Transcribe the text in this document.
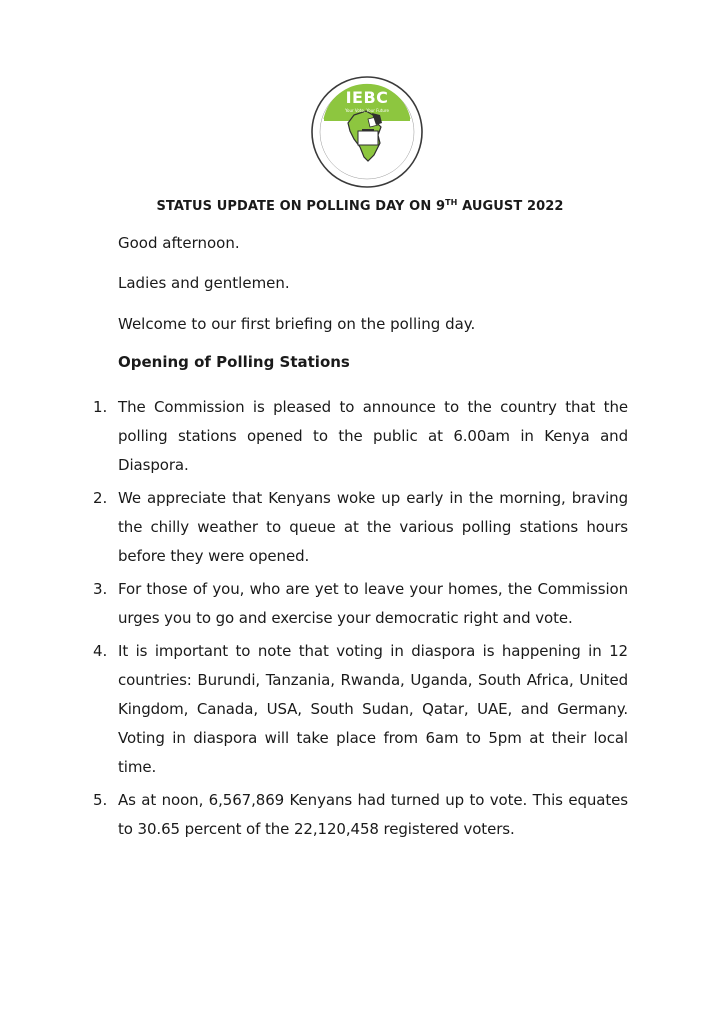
IEBC
Your Vote, Your Future
STATUS UPDATE ON POLLING DAY ON 9TH AUGUST 2022
Good afternoon.
Ladies and gentlemen.
Welcome to our first briefing on the polling day.
Opening of Polling Stations
1. The Commission is pleased to announce to the country that the polling stations opened to the public at 6.00am in Kenya and Diaspora.
2. We appreciate that Kenyans woke up early in the morning, braving the chilly weather to queue at the various polling stations hours before they were opened.
3. For those of you, who are yet to leave your homes, the Commission urges you to go and exercise your democratic right and vote.
4. It is important to note that voting in diaspora is happening in 12 countries: Burundi, Tanzania, Rwanda, Uganda, South Africa, United Kingdom, Canada, USA, South Sudan, Qatar, UAE, and Germany. Voting in diaspora will take place from 6am to 5pm at their local time.
5. As at noon, 6,567,869 Kenyans had turned up to vote. This equates to 30.65 percent of the 22,120,458 registered voters.
